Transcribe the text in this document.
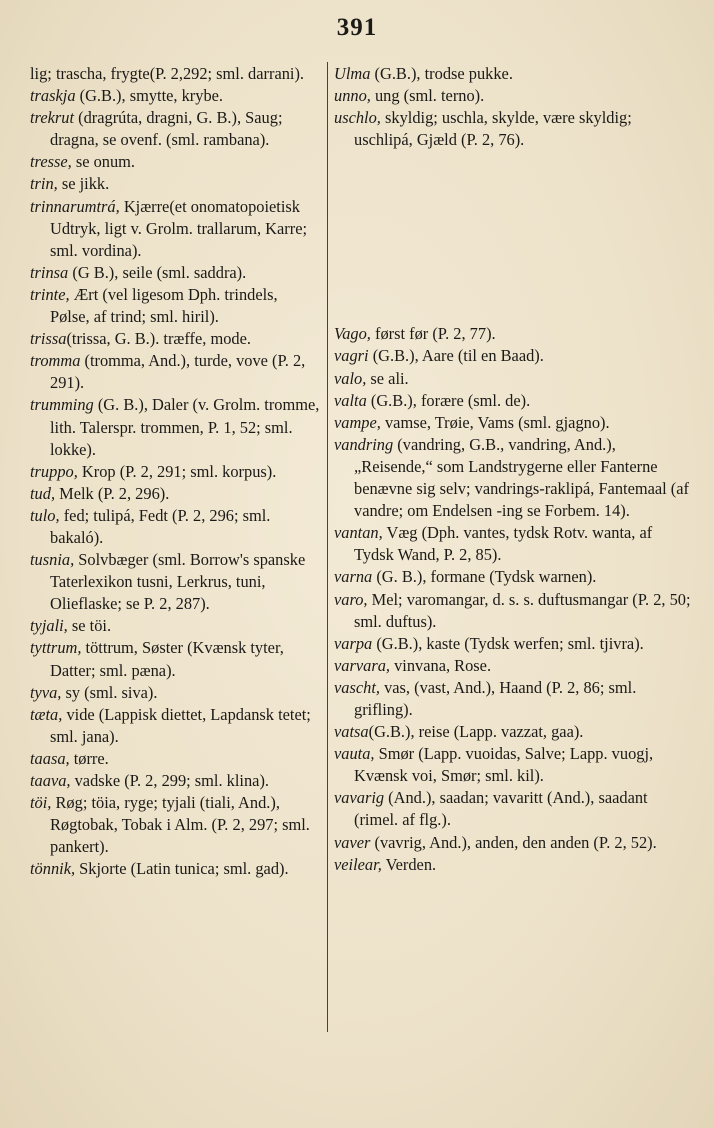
391

lig; trascha, frygte(P. 2,292; sml. darrani).

traskja (G.B.), smytte, krybe.

trekrut (dragrúta, dragni, G. B.), Saug; dragna, se ovenf. (sml. rambana).

tresse, se onum.

trin, se jikk.

trinnarumtrá, Kjærre(et onomatopoietisk Udtryk, ligt v. Grolm. trallarum, Karre; sml. vordina).

trinsa (G B.), seile (sml. saddra).

trinte, Ært (vel ligesom Dph. trindels, Pølse, af trind; sml. hiril).

trissa(trissa, G. B.). træffe, mode.

tromma (tromma, And.), turde, vove (P. 2, 291).

trumming (G. B.), Daler (v. Grolm. tromme, lith. Talerspr. trommen, P. 1, 52; sml. lokke).

truppo, Krop (P. 2, 291; sml. korpus).

tud, Melk (P. 2, 296).

tulo, fed; tulipá, Fedt (P. 2, 296; sml. bakaló).

tusnia, Solvbæger (sml. Borrow's spanske Taterlexikon tusni, Lerkrus, tuni, Olieflaske; se P. 2, 287).

tyjali, se töi.

tyttrum, töttrum, Søster (Kvænsk tyter, Datter; sml. pæna).

tyva, sy (sml. siva).

tæta, vide (Lappisk diettet, Lapdansk tetet; sml. jana).

taasa, tørre.

taava, vadske (P. 2, 299; sml. klina).

töi, Røg; töia, ryge; tyjali (tiali, And.), Røgtobak, Tobak i Alm. (P. 2, 297; sml. pankert).

tönnik, Skjorte (Latin tunica; sml. gad).

Ulma (G.B.), trodse pukke.

unno, ung (sml. terno).

uschlo, skyldig; uschla, skylde, være skyldig; uschlipá, Gjæld (P. 2, 76).

Vago, først før (P. 2, 77).

vagri (G.B.), Aare (til en Baad).

valo, se ali.

valta (G.B.), forære (sml. de).

vampe, vamse, Trøie, Vams (sml. gjagno).

vandring (vandring, G.B., vandring, And.), „Reisende,“ som Landstrygerne eller Fanterne benævne sig selv; vandrings-raklipá, Fantemaal (af vandre; om Endelsen -ing se Forbem. 14).

vantan, Væg (Dph. vantes, tydsk Rotv. wanta, af Tydsk Wand, P. 2, 85).

varna (G. B.), formane (Tydsk warnen).

varo, Mel; varomangar, d. s. s. duftusmangar (P. 2, 50; sml. duftus).

varpa (G.B.), kaste (Tydsk werfen; sml. tjivra).

varvara, vinvana, Rose.

vascht, vas, (vast, And.), Haand (P. 2, 86; sml. grifling).

vatsa(G.B.), reise (Lapp. vazzat, gaa).

vauta, Smør (Lapp. vuoidas, Salve; Lapp. vuogj, Kvænsk voi, Smør; sml. kil).

vavarig (And.), saadan; vavaritt (And.), saadant (rimel. af flg.).

vaver (vavrig, And.), anden, den anden (P. 2, 52).

veilear, Verden.
